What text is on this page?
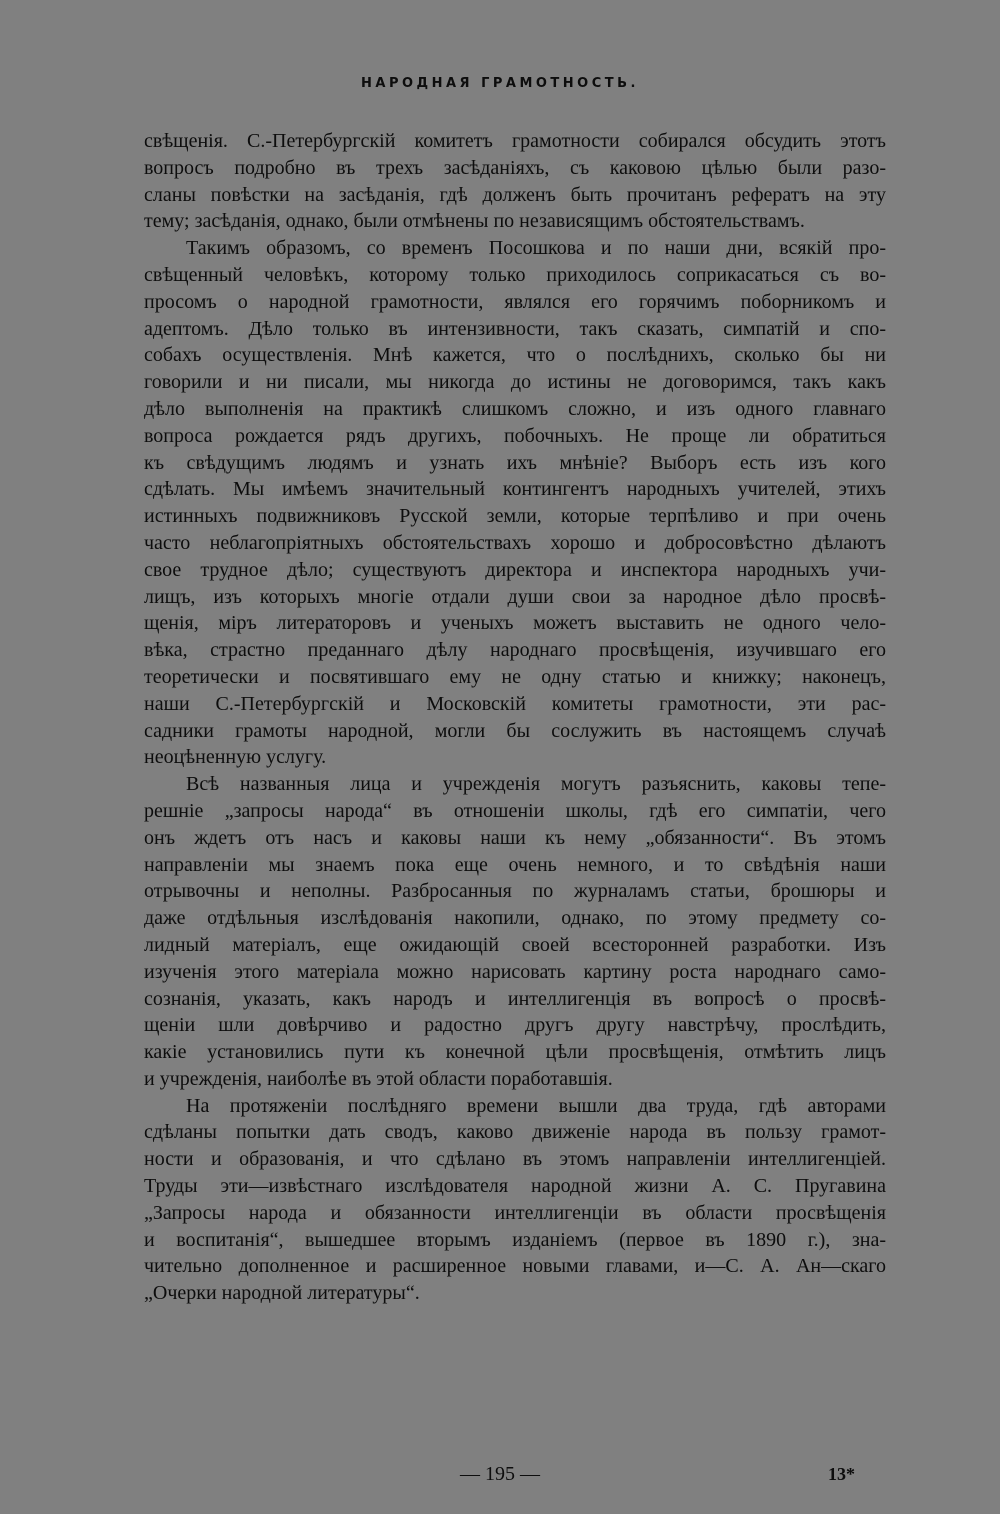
НАРОДНАЯ ГРАМОТНОСТЬ.
свѣщенія. С.-Петербургскій комитетъ грамотности собирался обсудить этотъ
вопросъ подробно въ трехъ засѣданіяхъ, съ каковою цѣлью были разо-
сланы повѣстки на засѣданія, гдѣ долженъ быть прочитанъ рефератъ на эту
тему; засѣданія, однако, были отмѣнены по независящимъ обстоятельствамъ.
Такимъ образомъ, со временъ Посошкова и по наши дни, всякій про-
свѣщенный человѣкъ, которому только приходилось соприкасаться съ во-
просомъ о народной грамотности, являлся его горячимъ поборникомъ и
адептомъ. Дѣло только въ интензивности, такъ сказать, симпатій и спо-
собахъ осуществленія. Мнѣ кажется, что о послѣднихъ, сколько бы ни
говорили и ни писали, мы никогда до истины не договоримся, такъ какъ
дѣло выполненія на практикѣ слишкомъ сложно, и изъ одного главнаго
вопроса рождается рядъ другихъ, побочныхъ. Не проще ли обратиться
къ свѣдущимъ людямъ и узнать ихъ мнѣніе? Выборъ есть изъ кого
сдѣлать. Мы имѣемъ значительный контингентъ народныхъ учителей, этихъ
истинныхъ подвижниковъ Русской земли, которые терпѣливо и при очень
часто неблагопріятныхъ обстоятельствахъ хорошо и добросовѣстно дѣлаютъ
свое трудное дѣло; существуютъ директора и инспектора народныхъ учи-
лищъ, изъ которыхъ многіе отдали души свои за народное дѣло просвѣ-
щенія, міръ литераторовъ и ученыхъ можетъ выставить не одного чело-
вѣка, страстно преданнаго дѣлу народнаго просвѣщенія, изучившаго его
теоретически и посвятившаго ему не одну статью и книжку; наконецъ,
наши С.-Петербургскій и Московскій комитеты грамотности, эти рас-
садники грамоты народной, могли бы сослужить въ настоящемъ случаѣ
неоцѣненную услугу.
Всѣ названныя лица и учрежденія могутъ разъяснить, каковы тепе-
решніе „запросы народа“ въ отношеніи школы, гдѣ его симпатіи, чего
онъ ждетъ отъ насъ и каковы наши къ нему „обязанности“. Въ этомъ
направленіи мы знаемъ пока еще очень немного, и то свѣдѣнія наши
отрывочны и неполны. Разбросанныя по журналамъ статьи, брошюры и
даже отдѣльныя изслѣдованія накопили, однако, по этому предмету со-
лидный матеріалъ, еще ожидающій своей всесторонней разработки. Изъ
изученія этого матеріала можно нарисовать картину роста народнаго само-
сознанія, указать, какъ народъ и интеллигенція въ вопросѣ о просвѣ-
щеніи шли довѣрчиво и радостно другъ другу навстрѣчу, прослѣдить,
какіе установились пути къ конечной цѣли просвѣщенія, отмѣтить лицъ
и учрежденія, наиболѣе въ этой области поработавшія.
На протяженіи послѣдняго времени вышли два труда, гдѣ авторами
сдѣланы попытки дать сводъ, каково движеніе народа въ пользу грамот-
ности и образованія, и что сдѣлано въ этомъ направленіи интеллигенціей.
Труды эти—извѣстнаго изслѣдователя народной жизни А. С. Пругавина
„Запросы народа и обязанности интеллигенціи въ области просвѣщенія
и воспитанія“, вышедшее вторымъ изданіемъ (первое въ 1890 г.), зна-
чительно дополненное и расширенное новыми главами, и—С. А. Ан—скаго
„Очерки народной литературы“.
— 195 —	13*
